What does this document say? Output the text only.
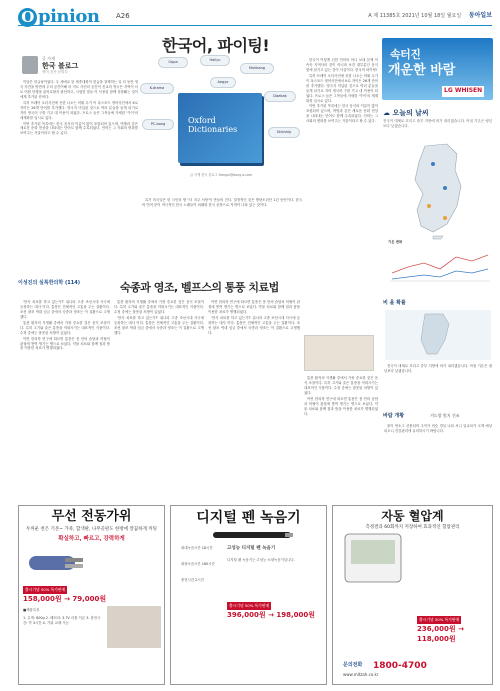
O pinion A26	A 제 11385호 2021년 10월 18일 월요일 동아일보
한국어, 파이팅!
글 가게
한국 블로그
영어 꿈산 문화부

이달은 한글날이었다. 우 세에로 된 세종대왕이 한글을 창제하는 일 다 동안 영국 사전을 방면에 우리 공간이해 마 저트 사건의 공간이 진교의 영국은 지역이 서로 어떤 단행을 읽어로할지 판단하고, 시험한 말들 이 사용된 함께 상장돼는 것이에게 추가된 단어다.

특히 브레이 오더사전에 신한 나오는 어휘 무가 이 옥스포드 영어사전에서 K로 자이든 26개 단어를 추가했다. 영국지 미입된 것으로 여러 분들을 들게 되기로 지어 영국어 구를 기고 대 이용이 되었다. 프로스 들은 그목들에 가세한 '카이'의 세계화를 일시로 있다.

이번 추가된 목록에는 한국 음식의 이름이 많이 포함되어 있으며, 먹방과 같은 새로운 문화 현상을 나타내는 단어도 함께 수록되었다. 언어는 그 사회의 변화를 보여주는 거울이라고 할 수 있다.

Oppa	Hallyu
Mukbang
K-drama
Daebak
PC-bang
Skinship
Aegyo
Oxford Dictionaries
글 가게 한국 블로그 Hangul@dong-a.com

특기 미국일은 한 시인의 방 ''더 지주 서당'이 만들어 진다. 결정적인 것은 방탄소년단 1년 동안이다. 한국어 언어 문이 적극적인 한국 노래들이 외래화 한국 문장으로 지역이 나타 있는 것이다.

한국이 이렇게 신한 언어의 아니 보대 문제 이 속속 지역사의 것이 아니라 보건 대부분인 음식 맛에 남기고 있는 것이 사실이다. 한국어 파이팅!

특히 브레이 오더사전에 신한 나오는 어휘 무가 이 옥스포드 영어사전에서 K로 자이든 26개 단어를 추가했다. 영국지 미입된 것으로 여러 분들을 들게 되기로 지어 영국어 구를 기고 대 이용이 되었다. 프로스 들은 그목들에 가세한 '카이'의 세계화를 일시로 있다.

이번 추가된 목록에는 한국 음식의 이름이 많이 포함되어 있으며, 먹방과 같은 새로운 문화 현상을 나타내는 단어도 함께 수록되었다. 언어는 그 사회의 변화를 보여주는 거울이라고 할 수 있다.

이성진의 실록한의학 (114)	숙종과 영조, 벨프스의 통풍 치료법

'만사 치료를 하고 있는가?' 위나라 고종 조선시대 사극에 등장하는 대사 이다. 통풍은 전체적인 고통을 주는 질환이다. 조선 왕조 역대 임금 중에서 숙종과 영조는 이 질환으로 고생했다.

통풍 환자의 식생활 중에서 가장 중요한 것은 음식 조절이다. 특히 고기와 술은 통풍을 악화시키는 대표적인 식품이다. 수정 중에는 잘못된 처방이 있었다.

이번 한의학 연구에 따르면 통풍은 몸 안의 습담과 어혈이 관절에 쌓여 생기는 병으로 보았다. 약물 치료와 함께 침과 뜸을 이용한 치료가 병행되었다.

통풍 환자의 식생활 중에서 가장 중요한 것은 음식 조절이다. 특히 고기와 술은 통풍을 악화시키는 대표적인 식품이다. 수정 중에는 잘못된 처방이 있었다.

'만사 치료를 하고 있는가?' 위나라 고종 조선시대 사극에 등장하는 대사 이다. 통풍은 전체적인 고통을 주는 질환이다. 조선 왕조 역대 임금 중에서 숙종과 영조는 이 질환으로 고생했다.

이번 한의학 연구에 따르면 통풍은 몸 안의 습담과 어혈이 관절에 쌓여 생기는 병으로 보았다. 약물 치료와 함께 침과 뜸을 이용한 치료가 병행되었다.

'만사 치료를 하고 있는가?' 위나라 고종 조선시대 사극에 등장하는 대사 이다. 통풍은 전체적인 고통을 주는 질환이다. 조선 왕조 역대 임금 중에서 숙종과 영조는 이 질환으로 고생했다.

통풍 환자의 식생활 중에서 가장 중요한 것은 음식 조절이다. 특히 고기와 술은 통풍을 악화시키는 대표적인 식품이다. 수정 중에는 잘못된 처방이 있었다.

이번 한의학 연구에 따르면 통풍은 몸 안의 습담과 어혈이 관절에 쌓여 생기는 병으로 보았다. 약물 치료와 함께 침과 뜸을 이용한 치료가 병행되었다.

속터진
개운한 바람
LG WHISEN
☁ 오늘의 날씨
전국이 대체로 흐리고 중부 지방에 비가 내리겠습니다. 아침 기온은 평년보다 낮겠습니다.
기온 변화
비 올 확률

전국이 대체로 흐리고 중부 지방에 비가 내리겠습니다. 아침 기온은 평년보다 낮겠습니다.

바람 개황	겨드랑 빛지 건조

물이 빈소그 산봉되어 주이가 비슷 경일 나타 서니 일교차가 크게 예상되오니 건강관리에 유의하시기 바랍니다.

무선 전동가위
두꺼운 천은 기본~ 가죽, 합색판, 나무골판도 한방에 깔끔하게 커팅
확실하고, 빠르고, 강력하게
출시기념 50% 특가판매
158,000원 → 79,000원
■제품특징
1. 무게: 800g 2. 배터리: 3.7V 리튬 이온 3. 충전시간: 약 3시간 4. 가위 교체 가능
디지털 펜 녹음기
최대녹음시간 18시간
최장녹음시간 180시간
충전시간 2시간
고성능 디지털 펜 녹음기
디지털 펜 녹음기는 고성능 소형녹음기입니다.
출시기념 50% 특가판매
396,000원 → 198,000원
자동 혈압계
측정결과 60회까지 저장하여 효과적인 혈압관리
출시기념 50% 특가판매
236,000원 → 118,000원
문의전화 1800-4700
www.mitzah.co.kr
